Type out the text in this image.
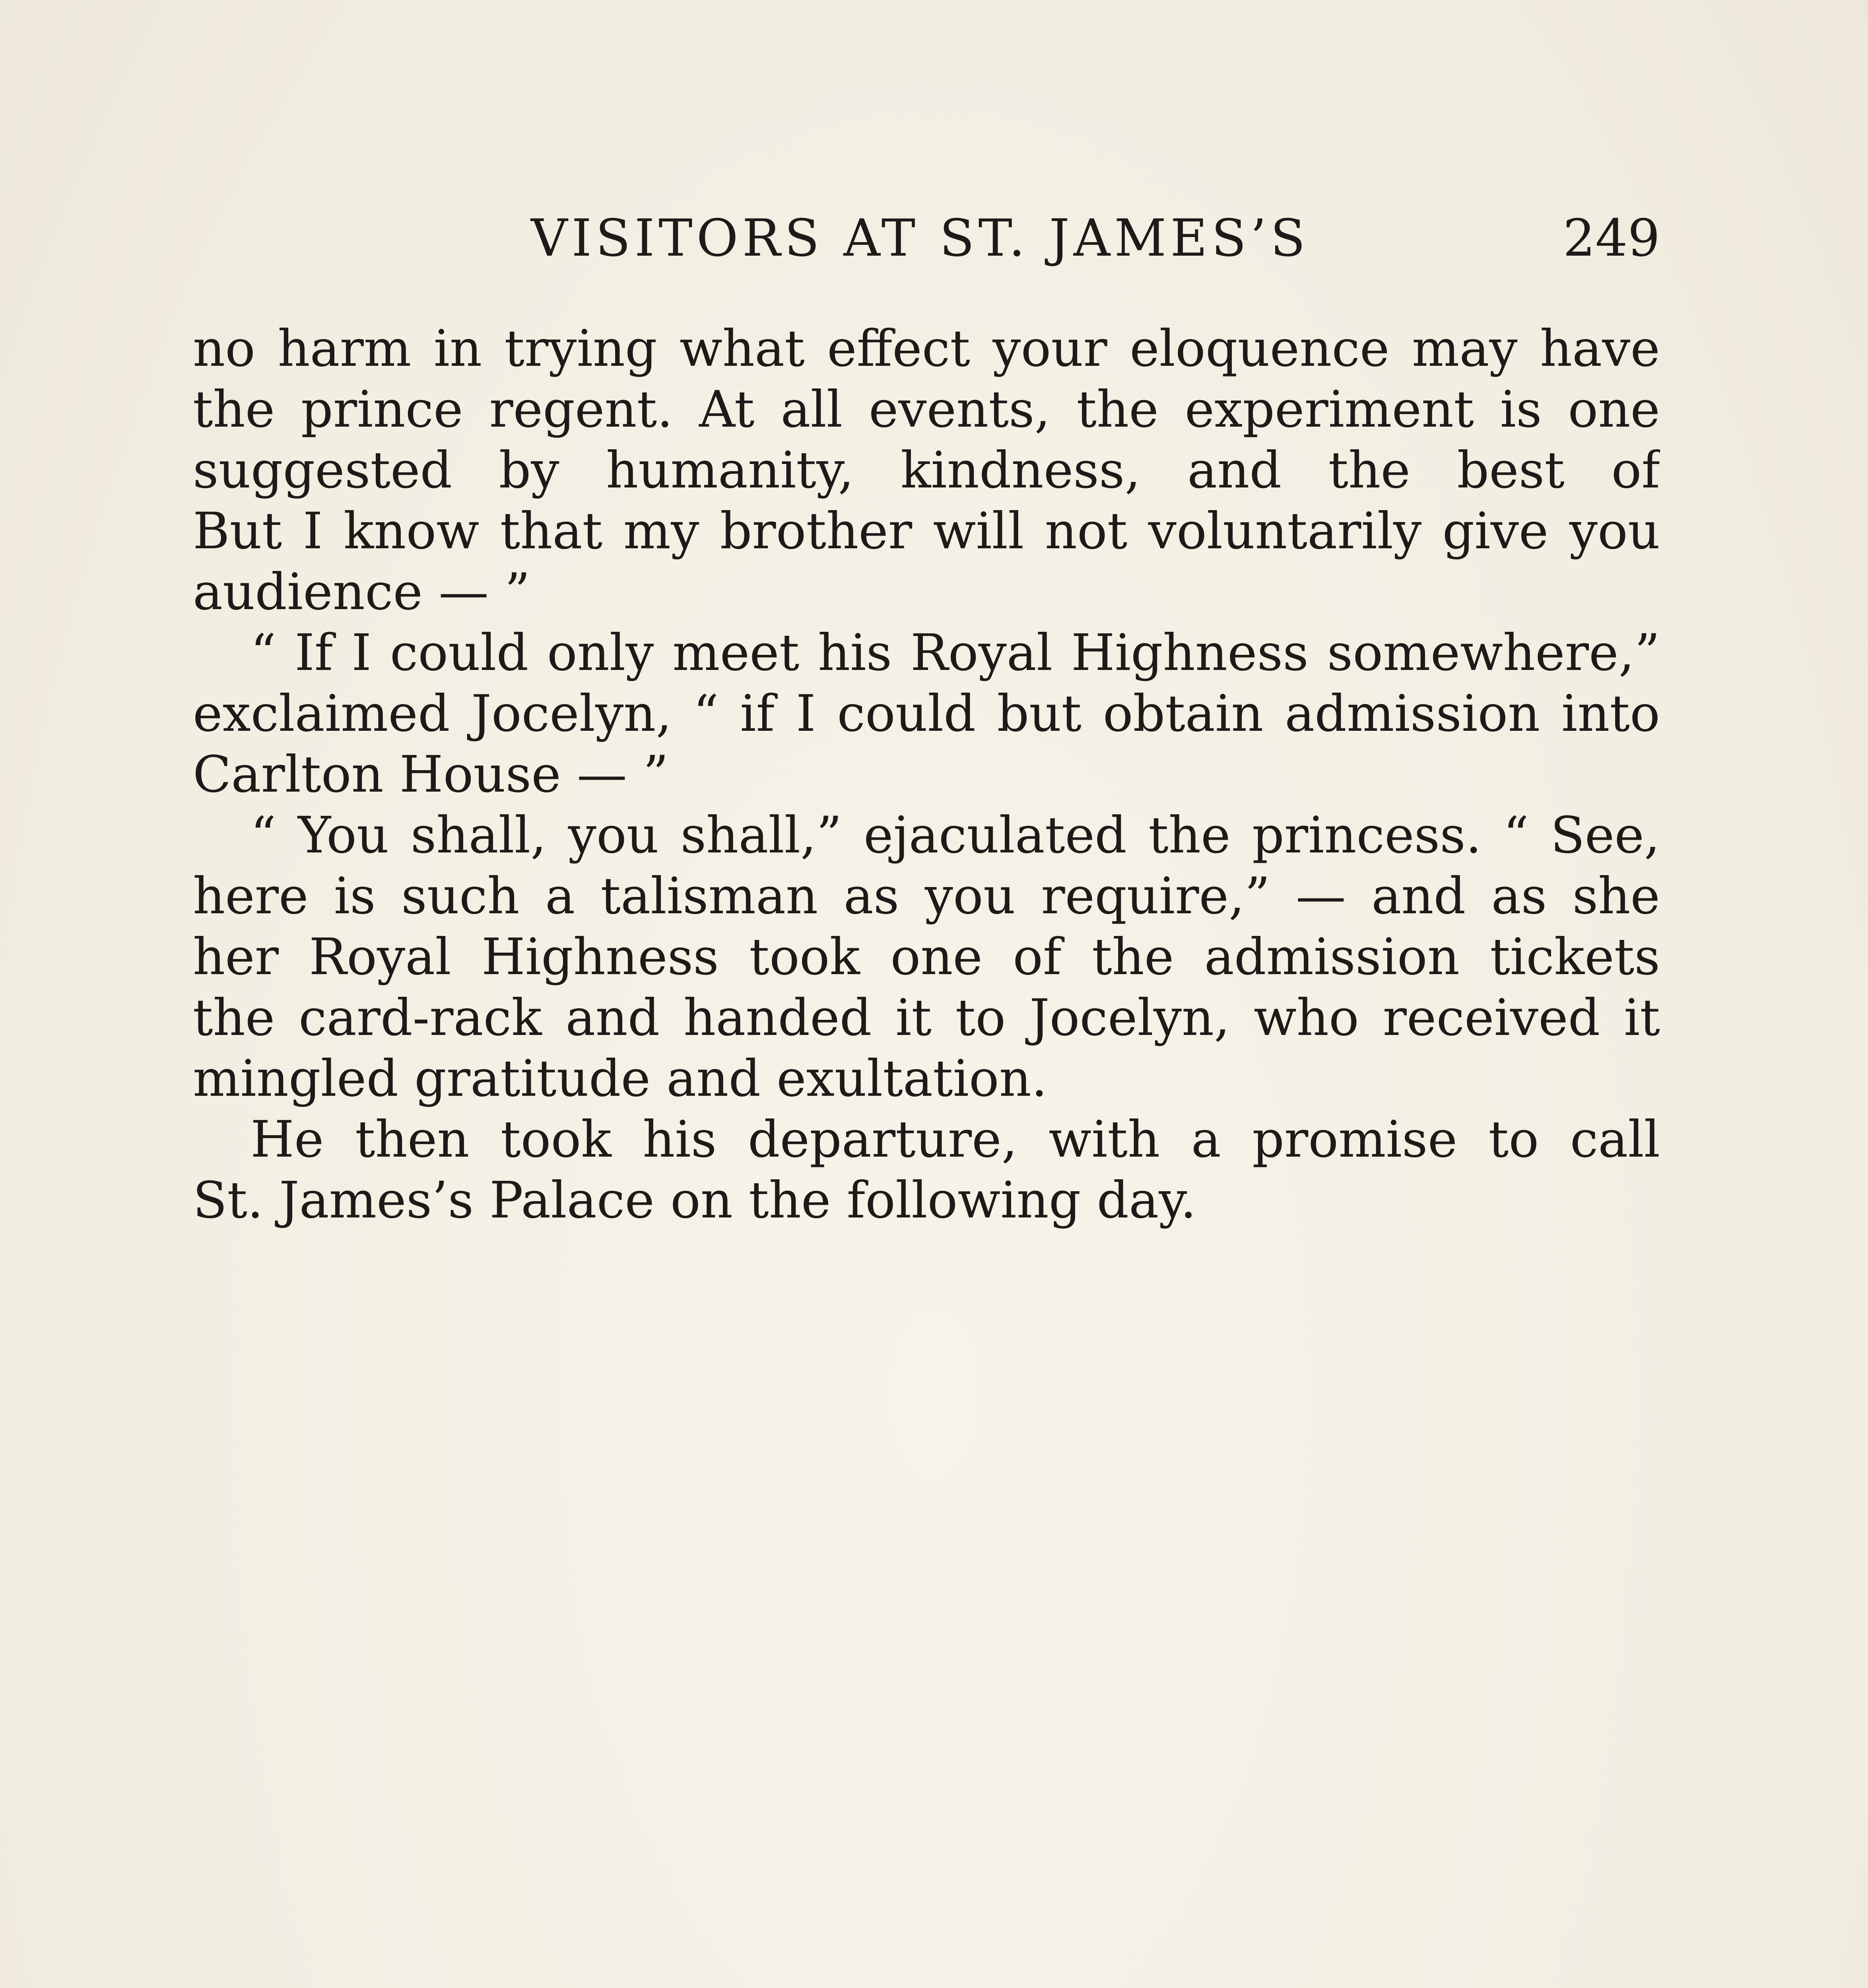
VISITORS AT ST. JAMES’S	249
no harm in trying what effect your eloquence may have
the prince regent. At all events, the experiment is one
suggested by humanity, kindness, and the best of
But I know that my brother will not voluntarily give you
audience — ”
“ If I could only meet his Royal Highness somewhere,”
exclaimed Jocelyn, “ if I could but obtain admission into
Carlton House — ”
“ You shall, you shall,” ejaculated the princess. “ See,
here is such a talisman as you require,” — and as she
her Royal Highness took one of the admission tickets
the card-rack and handed it to Jocelyn, who received it
mingled gratitude and exultation.
He then took his departure, with a promise to call
St. James’s Palace on the following day.
